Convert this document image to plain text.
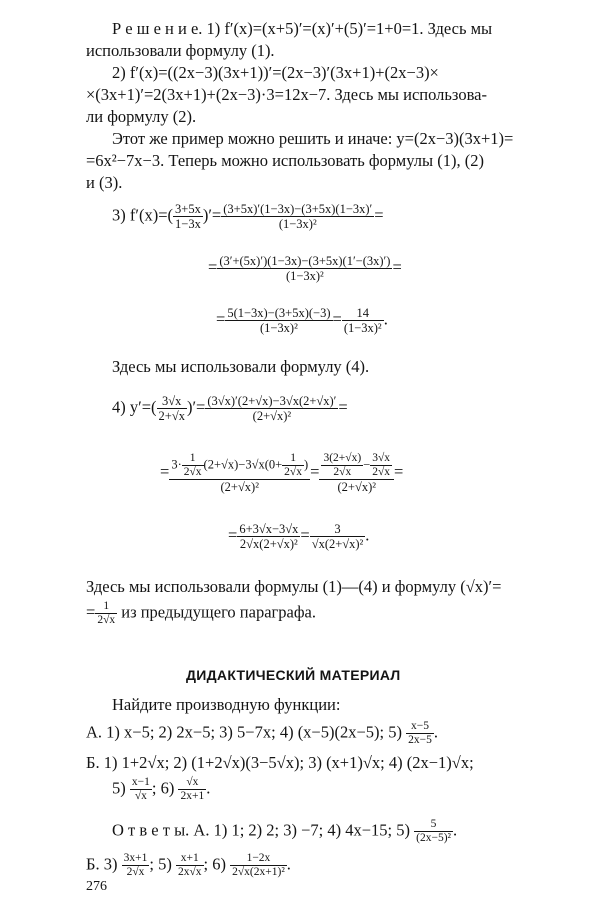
Р е ш е н и е. 1) f′(x)=(x+5)′=(x)′+(5)′=1+0=1. Здесь мы
использовали формулу (1).
2) f′(x)=((2x−3)(3x+1))′=(2x−3)′(3x+1)+(2x−3)×
×(3x+1)′=2(3x+1)+(2x−3)·3=12x−7. Здесь мы использова-
ли формулу (2).
Этот же пример можно решить и иначе: y=(2x−3)(3x+1)=
=6x²−7x−3. Теперь можно использовать формулы (1), (2)
и (3).
3) $f'(x)=( \frac{3+5x}{1-3x}$ )′= $\frac{(3+5x)'(1-3x)-(3+5x)(1-3x)'}{\text{(1−3x)²}}$ =
= $\frac{(3'+(5x)')(1-3x)-(3+5x)(1'-(3x)')}{\text{(1−3x)²}}$ =
= $\frac{5(1-3x)-(3+5x)(-3)}{\text{(1−3x)²}} = \frac{14}{\text{(1−3x)²}}$ .
Здесь мы использовали формулу (4).
4) $y'=( \frac{3√x}{2+√x}$ )′= $\frac{(3√x)'(2+√x)-3√x(2+√x)'}{\text{(2+√x)²}}$ =
= $\frac{3\cdot \frac{1}{2√x} (2+√x)-3√x(0+ \frac{1}{2√x} )}{\text{(2+√x)²}} = \frac{\frac{3(2+√x)}{2√x} - \frac{3√x}{2√x}}{\text{(2+√x)²}}$ =
= $\frac{6+3√x-3√x}{\text{2√x(2+√x)²}} = \frac{3}{\text{√x(2+√x)²}}$ .
Здесь мы использовали формулы (1)—(4) и формулу (√x)′=
= $\frac{1}{2√x}$ из предыдущего параграфа.
ДИДАКТИЧЕСКИЙ МАТЕРИАЛ
Найдите производную функции:
А. 1) x−5; 2) 2x−5; 3) 5−7x; 4) (x−5)(2x−5); $5) \frac{x-5}{2x-5}$ .
Б. 1) 1+2√x; 2) (1+2√x)(3−5√x); 3) (x+1)√x; 4) (2x−1)√x;
$5) \frac{x-1}{√x}$ ; $6) \frac{√x}{2x+1}$ .
О т в е т ы. А. 1) 1; 2) 2; 3) −7; 4) 4x−15; $5) \frac{5}{\text{(2x−5)²}}$ .
Б. $3) \frac{3x+1}{2√x}$ ; $5) \frac{x+1}{2x√x}$ ; $6) \frac{1-2x}{\text{2√x(2x+1)²}}$ .
276
